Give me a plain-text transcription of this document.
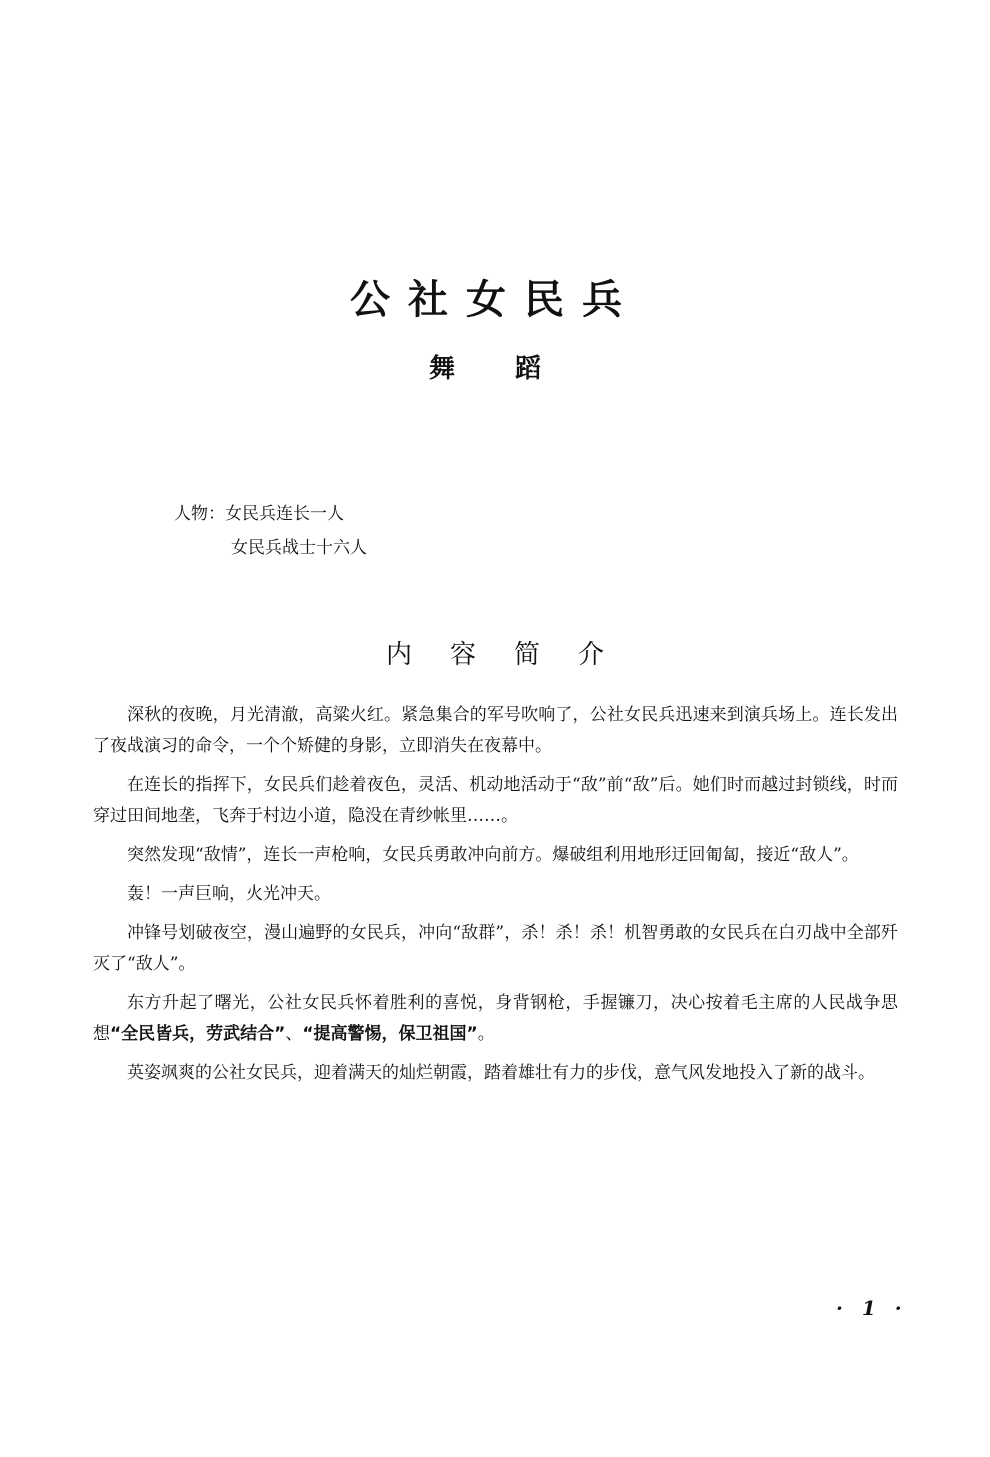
公社女民兵
舞蹈
人物：女民兵连长一人
女民兵战士十六人
内容简介

深秋的夜晚，月光清澈，高粱火红。紧急集合的军号吹响了，公社女民兵迅速来到演兵场上。连长发出了夜战演习的命令，一个个矫健的身影，立即消失在夜幕中。

在连长的指挥下，女民兵们趁着夜色，灵活、机动地活动于“敌”前“敌”后。她们时而越过封锁线，时而穿过田间地垄，飞奔于村边小道，隐没在青纱帐里……。

突然发现“敌情”，连长一声枪响，女民兵勇敢冲向前方。爆破组利用地形迂回匍匐，接近“敌人”。

轰！一声巨响，火光冲天。

冲锋号划破夜空，漫山遍野的女民兵，冲向“敌群”，杀！杀！杀！机智勇敢的女民兵在白刃战中全部歼灭了“敌人”。

东方升起了曙光，公社女民兵怀着胜利的喜悦，身背钢枪，手握镰刀，决心按着毛主席的人民战争思想“全民皆兵，劳武结合”、“提高警惕，保卫祖国”。

英姿飒爽的公社女民兵，迎着满天的灿烂朝霞，踏着雄壮有力的步伐，意气风发地投入了新的战斗。

· 1 ·
